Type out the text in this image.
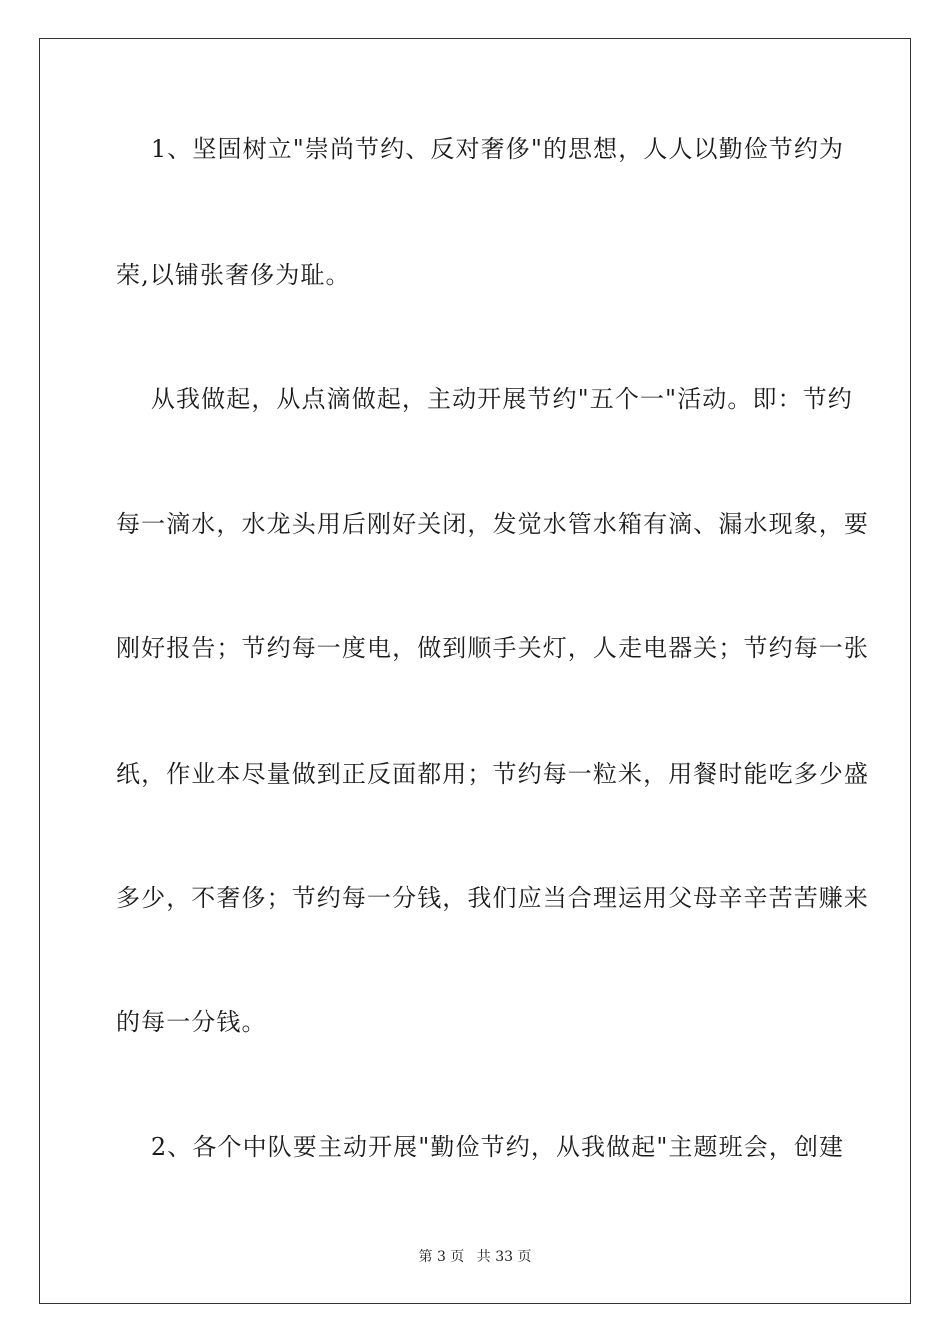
1、坚固树立"崇尚节约、反对奢侈"的思想，人人以勤俭节约为
荣,以铺张奢侈为耻。
从我做起，从点滴做起，主动开展节约"五个一"活动。即：节约
每一滴水，水龙头用后刚好关闭，发觉水管水箱有滴、漏水现象，要
刚好报告；节约每一度电，做到顺手关灯，人走电器关；节约每一张
纸，作业本尽量做到正反面都用；节约每一粒米，用餐时能吃多少盛
多少，不奢侈；节约每一分钱，我们应当合理运用父母辛辛苦苦赚来
的每一分钱。
2、各个中队要主动开展"勤俭节约，从我做起"主题班会，创建
第 3 页 共 33 页
